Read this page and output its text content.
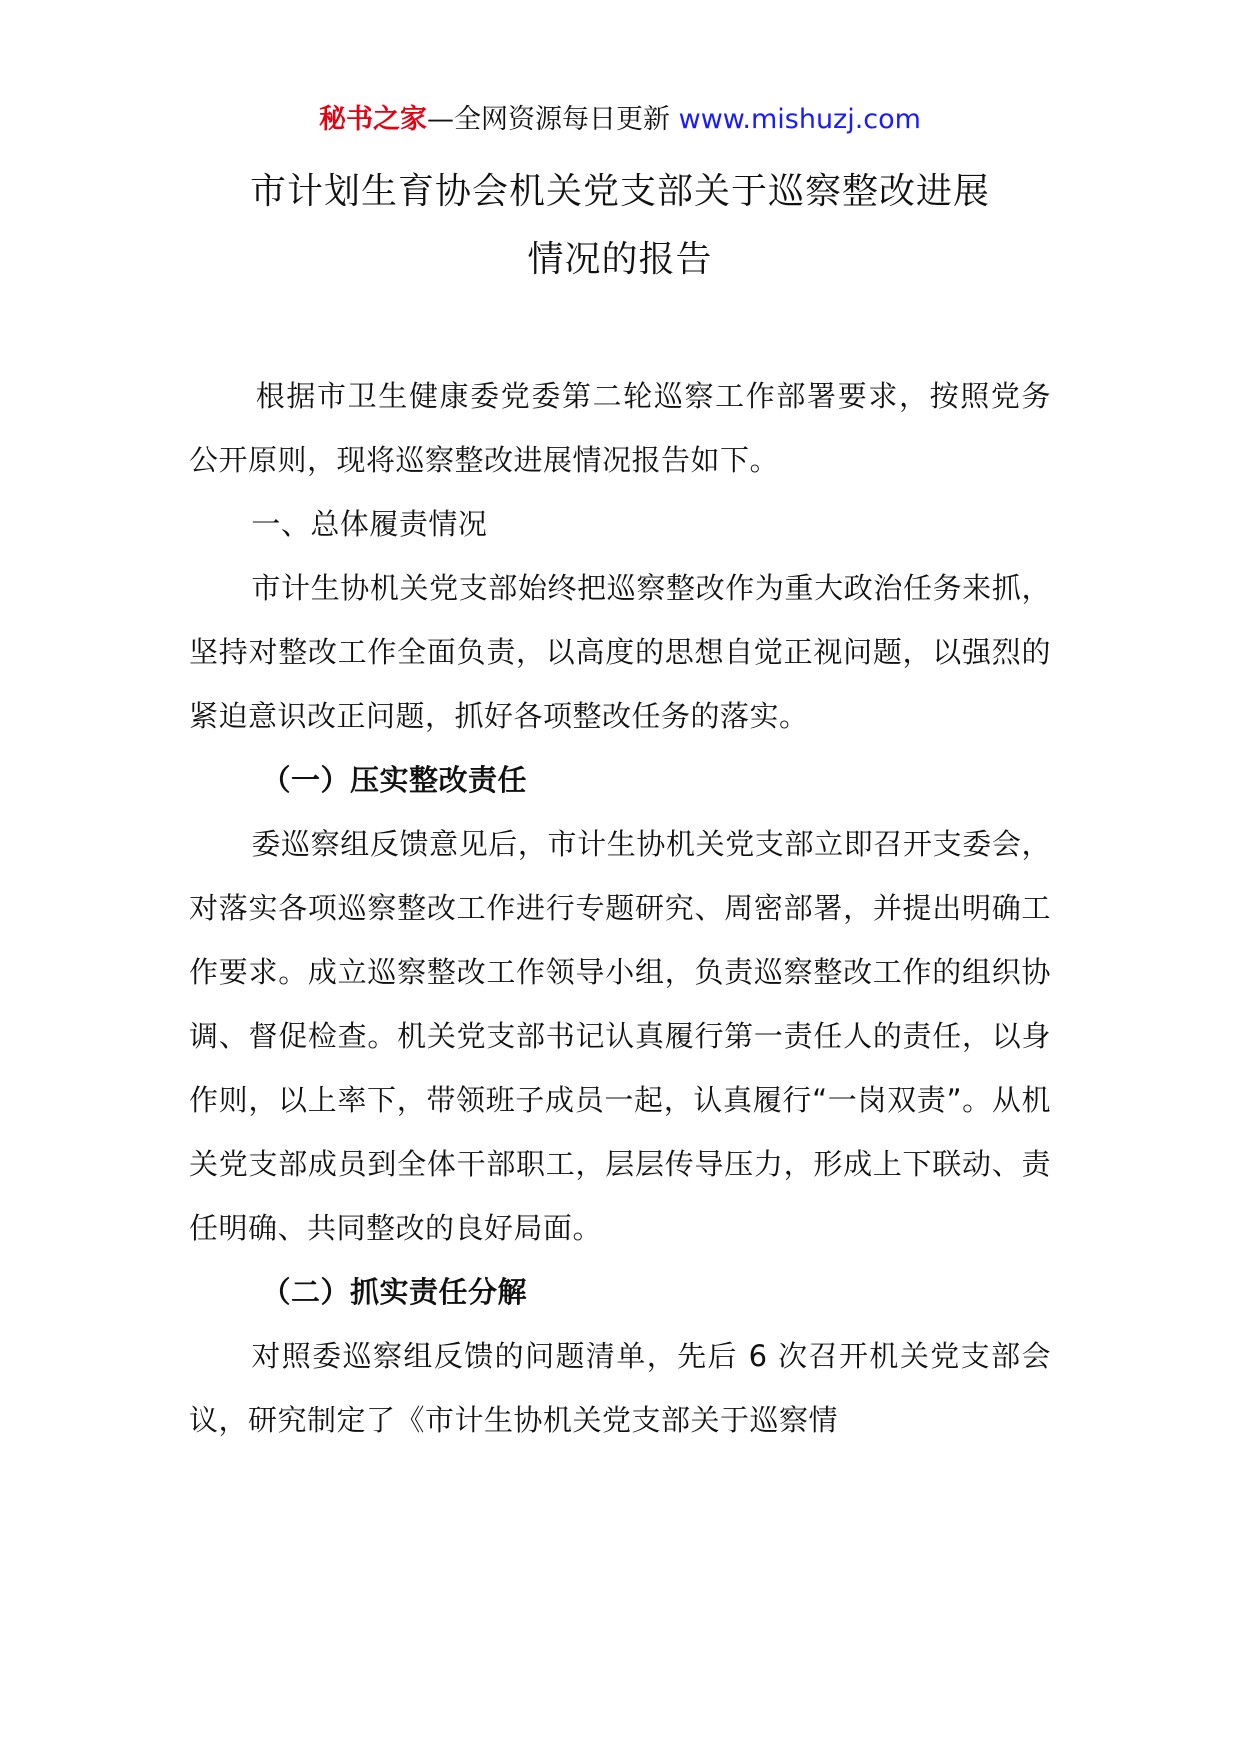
秘书之家—全网资源每日更新 www.mishuzj.com
市计划生育协会机关党支部关于巡察整改进展
情况的报告

根据市卫生健康委党委第二轮巡察工作部署要求，按照党务公开原则，现将巡察整改进展情况报告如下。

一、总体履责情况

市计生协机关党支部始终把巡察整改作为重大政治任务来抓，坚持对整改工作全面负责，以高度的思想自觉正视问题，以强烈的紧迫意识改正问题，抓好各项整改任务的落实。

（一）压实整改责任

委巡察组反馈意见后，市计生协机关党支部立即召开支委会，对落实各项巡察整改工作进行专题研究、周密部署，并提出明确工作要求。成立巡察整改工作领导小组，负责巡察整改工作的组织协调、督促检查。机关党支部书记认真履行第一责任人的责任，以身作则，以上率下，带领班子成员一起，认真履行“一岗双责”。从机关党支部成员到全体干部职工，层层传导压力，形成上下联动、责任明确、共同整改的良好局面。

（二）抓实责任分解

对照委巡察组反馈的问题清单，先后 6 次召开机关党支部会议，研究制定了《市计生协机关党支部关于巡察情
